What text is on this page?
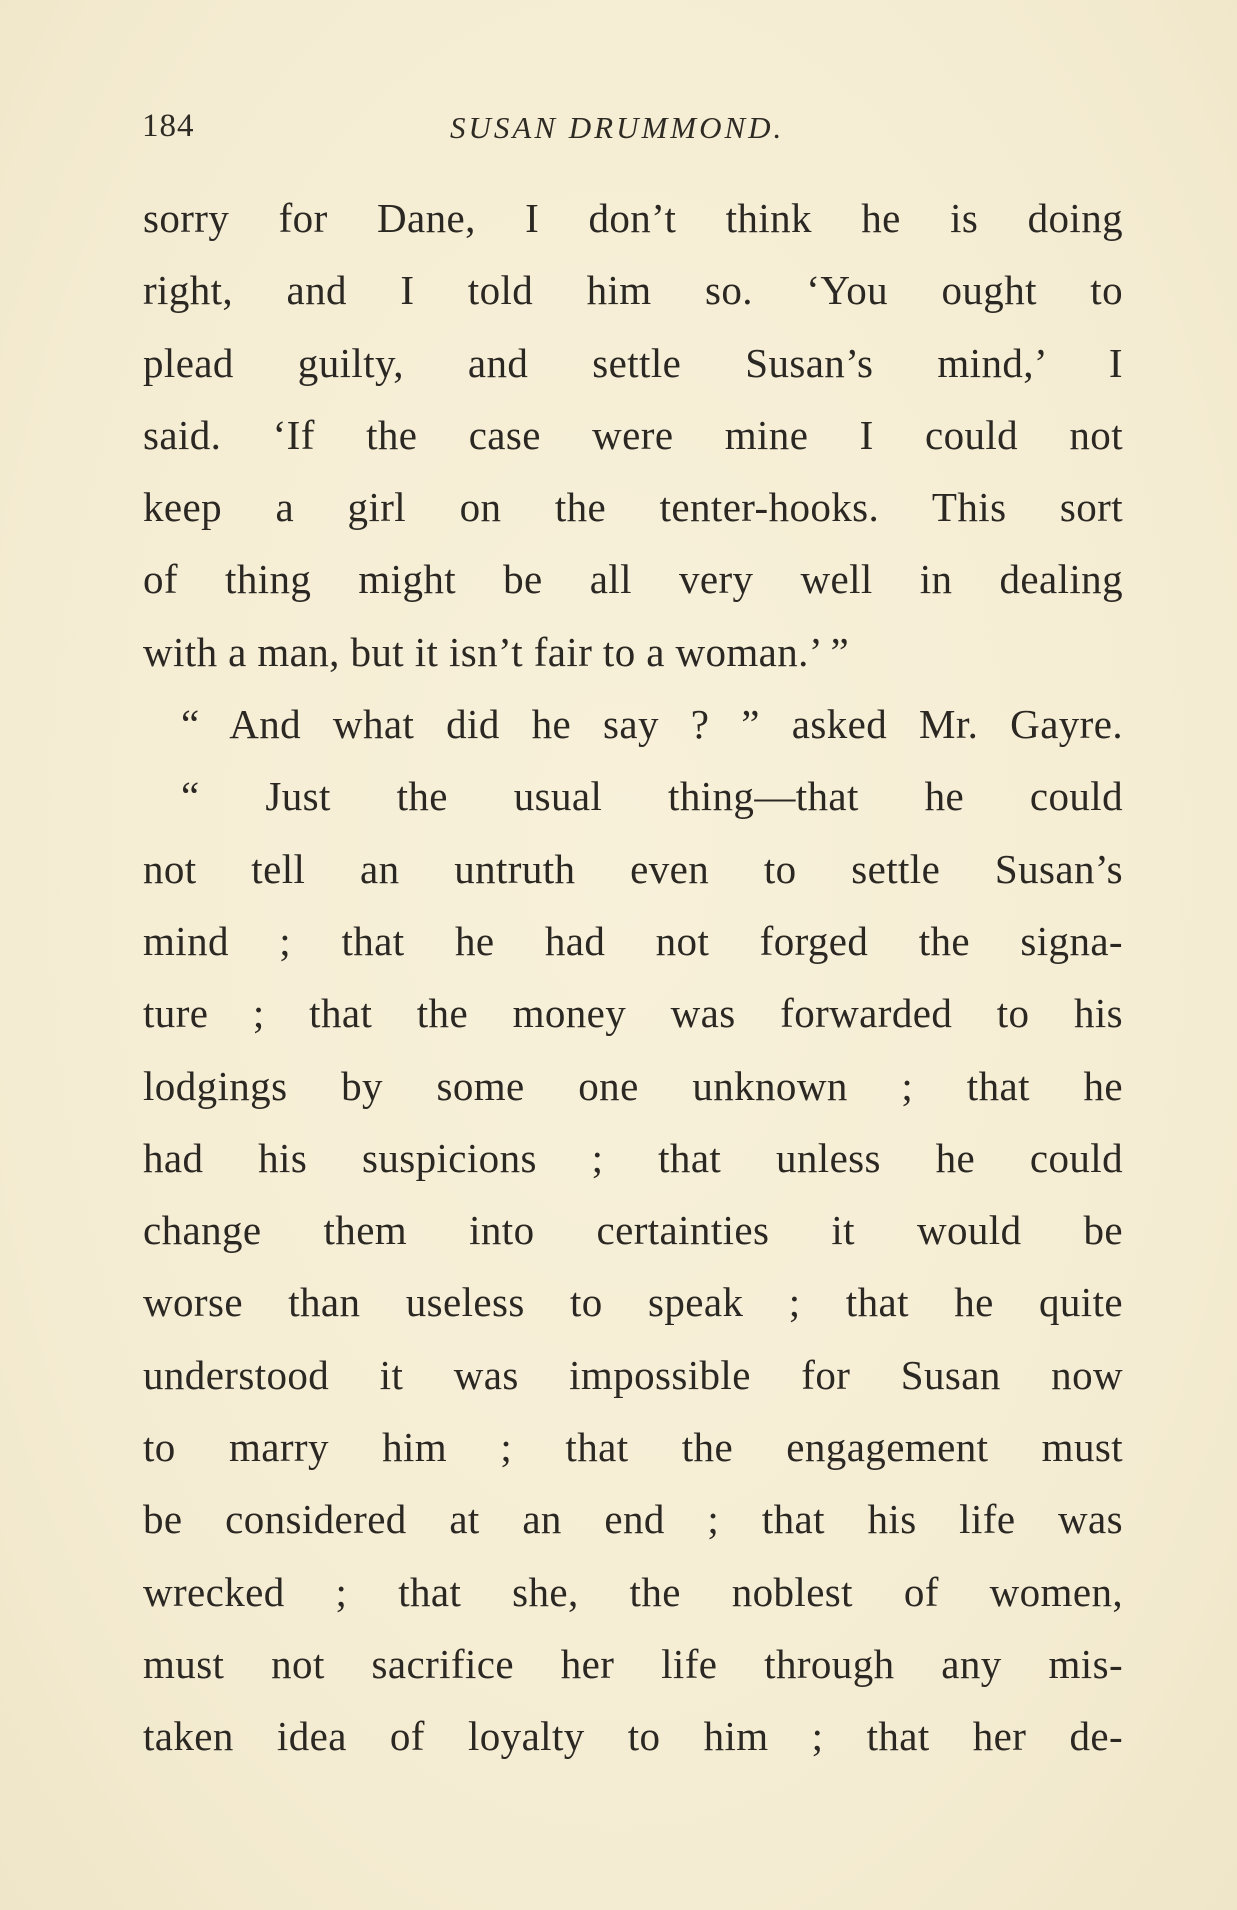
184	SUSAN DRUMMOND.
sorry for Dane, I don’t think he is doing
right, and I told him so. ‘You ought to
plead guilty, and settle Susan’s mind,’ I
said. ‘If the case were mine I could not
keep a girl on the tenter-hooks. This sort
of thing might be all very well in dealing
with a man, but it isn’t fair to a woman.’ ”
“ And what did he say ? ” asked Mr. Gayre.
“ Just the usual thing—that he could
not tell an untruth even to settle Susan’s
mind ; that he had not forged the signa-
ture ; that the money was forwarded to his
lodgings by some one unknown ; that he
had his suspicions ; that unless he could
change them into certainties it would be
worse than useless to speak ; that he quite
understood it was impossible for Susan now
to marry him ; that the engagement must
be considered at an end ; that his life was
wrecked ; that she, the noblest of women,
must not sacrifice her life through any mis-
taken idea of loyalty to him ; that her de-
